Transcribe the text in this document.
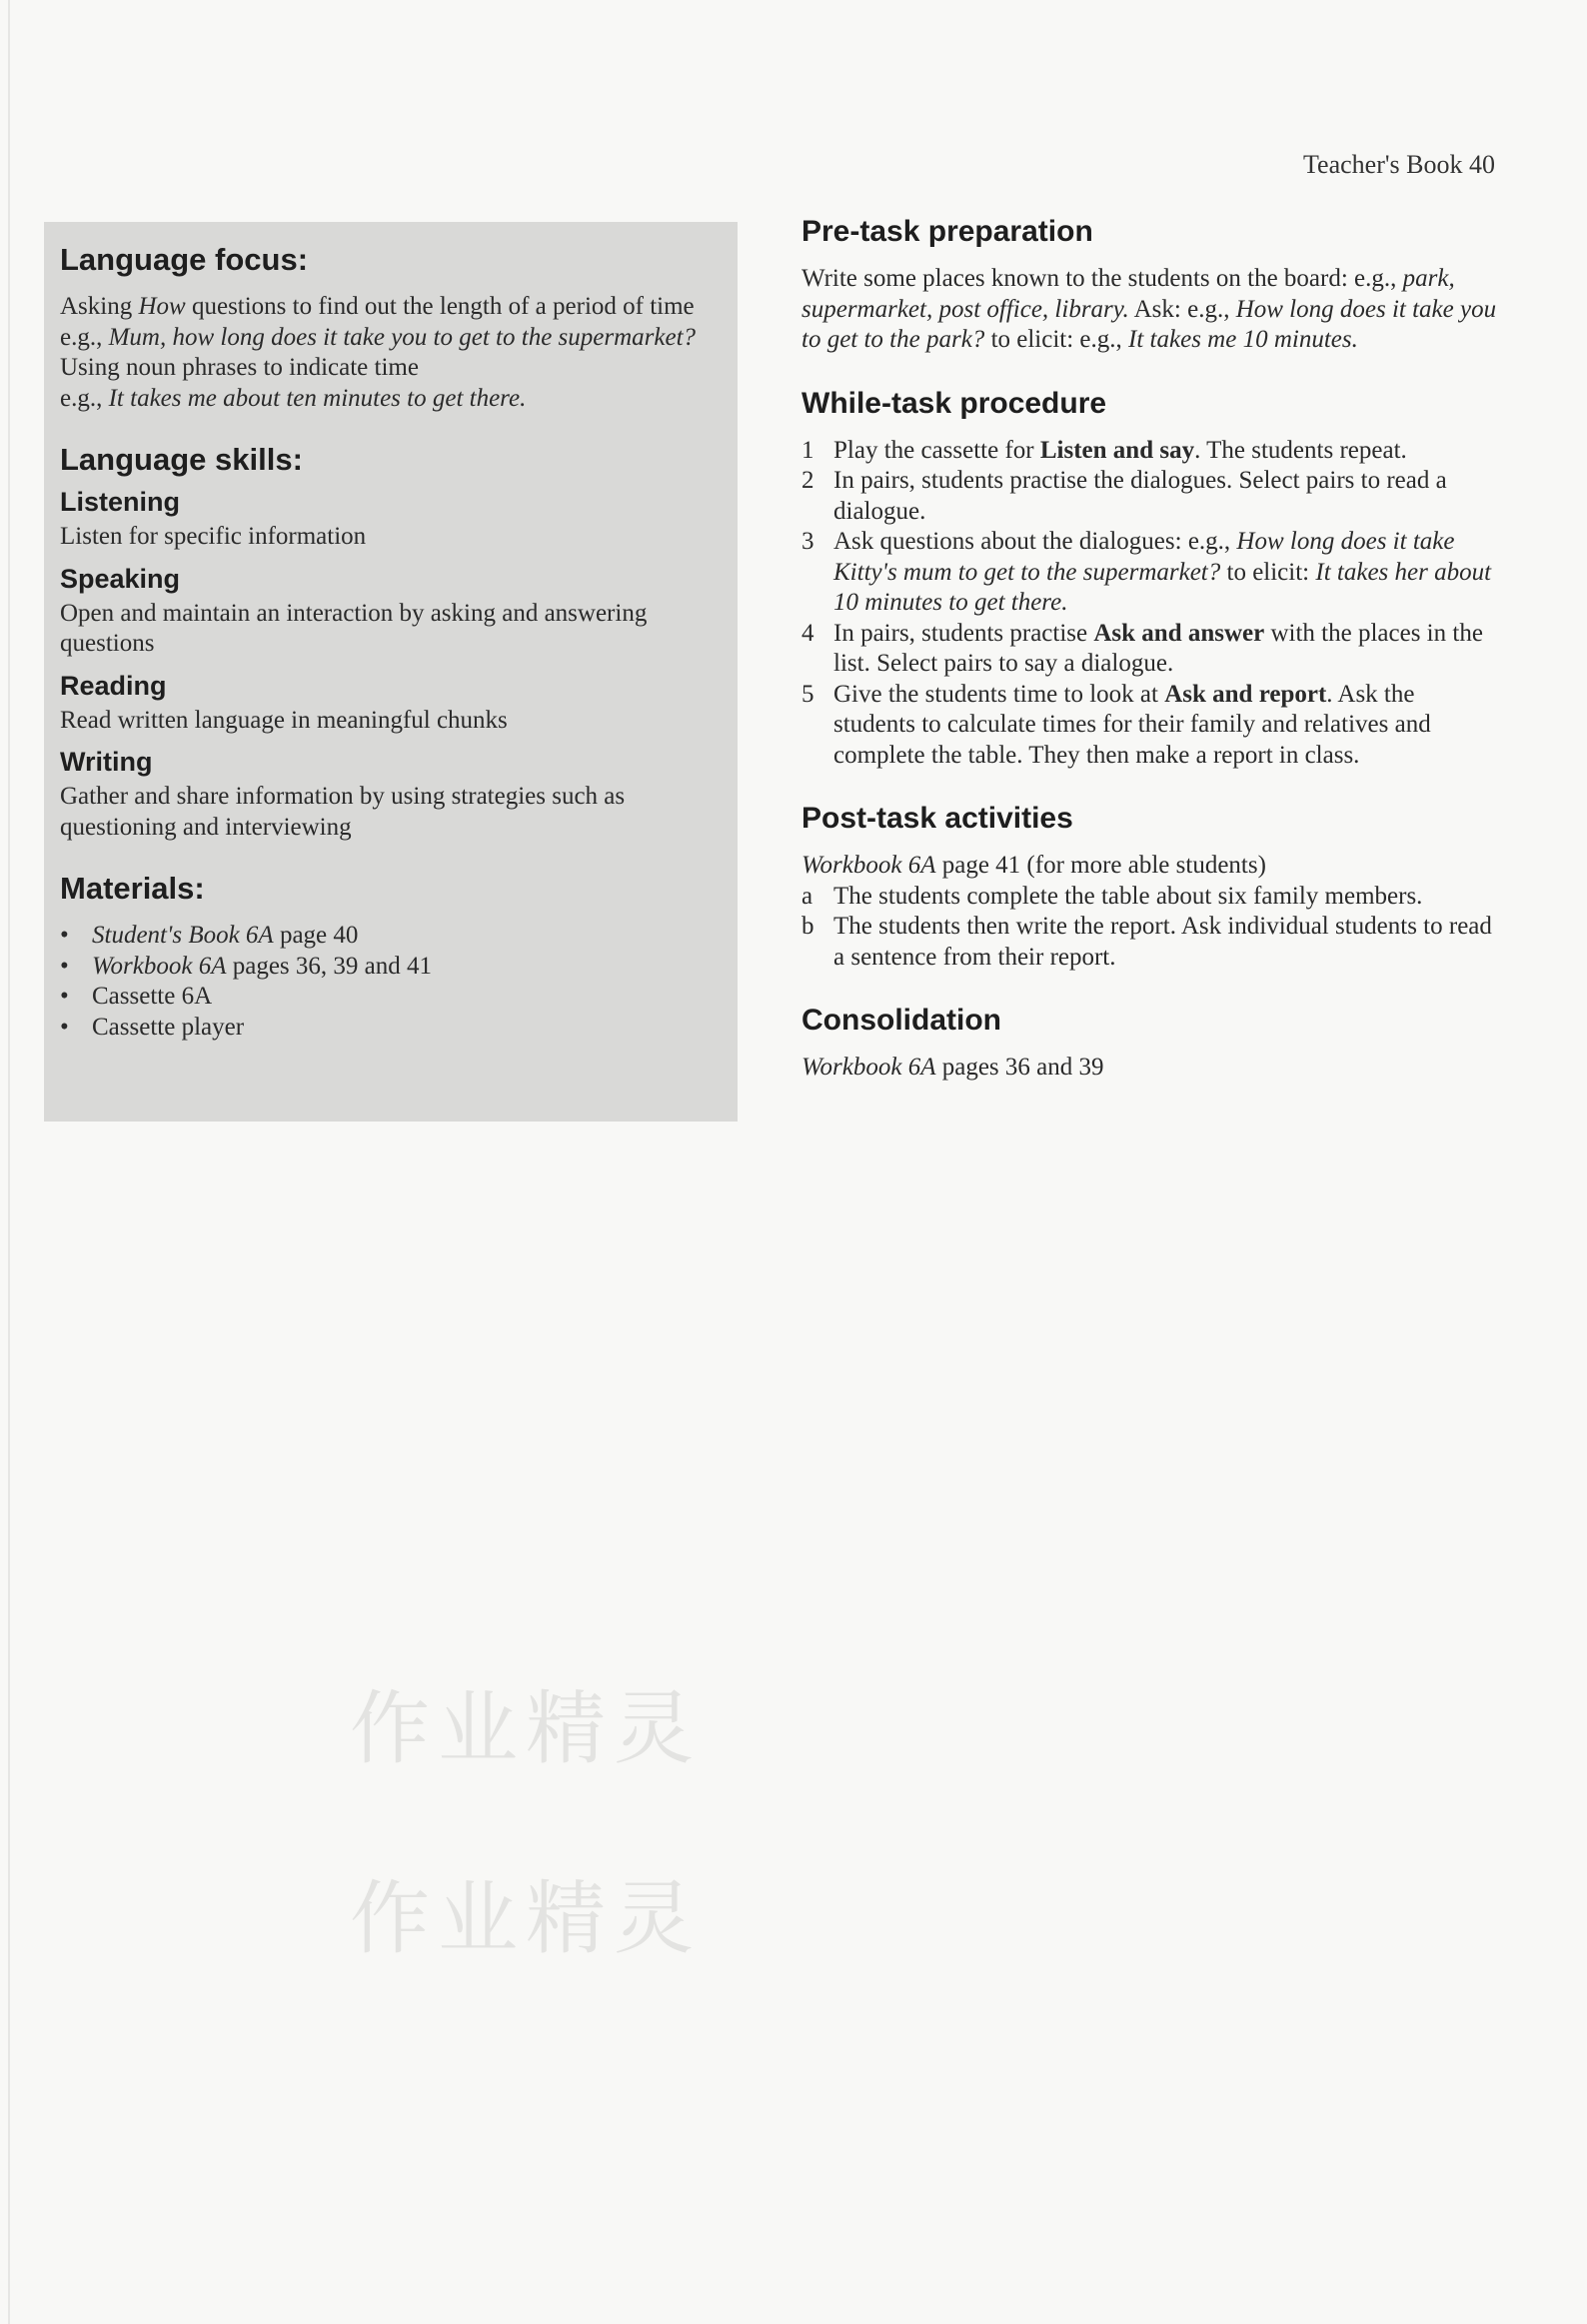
Teacher's Book 40
Language focus:

Asking How questions to find out the length of a period of time

e.g., Mum, how long does it take you to get to the supermarket?

Using noun phrases to indicate time

e.g., It takes me about ten minutes to get there.

Language skills:
Listening

Listen for specific information

Speaking

Open and maintain an interaction by asking and answering questions

Reading

Read written language in meaningful chunks

Writing

Gather and share information by using strategies such as questioning and interviewing

Materials:
• Student's Book 6A page 40
• Workbook 6A pages 36, 39 and 41
• Cassette 6A
• Cassette player
Pre-task preparation

Write some places known to the students on the board: e.g., park, supermarket, post office, library. Ask: e.g., How long does it take you to get to the park? to elicit: e.g., It takes me 10 minutes.

While-task procedure
1 Play the cassette for Listen and say. The students repeat.
2 In pairs, students practise the dialogues. Select pairs to read a dialogue.
3 Ask questions about the dialogues: e.g., How long does it take Kitty's mum to get to the supermarket? to elicit: It takes her about 10 minutes to get there.
4 In pairs, students practise Ask and answer with the places in the list. Select pairs to say a dialogue.
5 Give the students time to look at Ask and report. Ask the students to calculate times for their family and relatives and complete the table. They then make a report in class.
Post-task activities

Workbook 6A page 41 (for more able students)

a The students complete the table about six family members.
b The students then write the report. Ask individual students to read a sentence from their report.
Consolidation

Workbook 6A pages 36 and 39

作业精灵
作业精灵
